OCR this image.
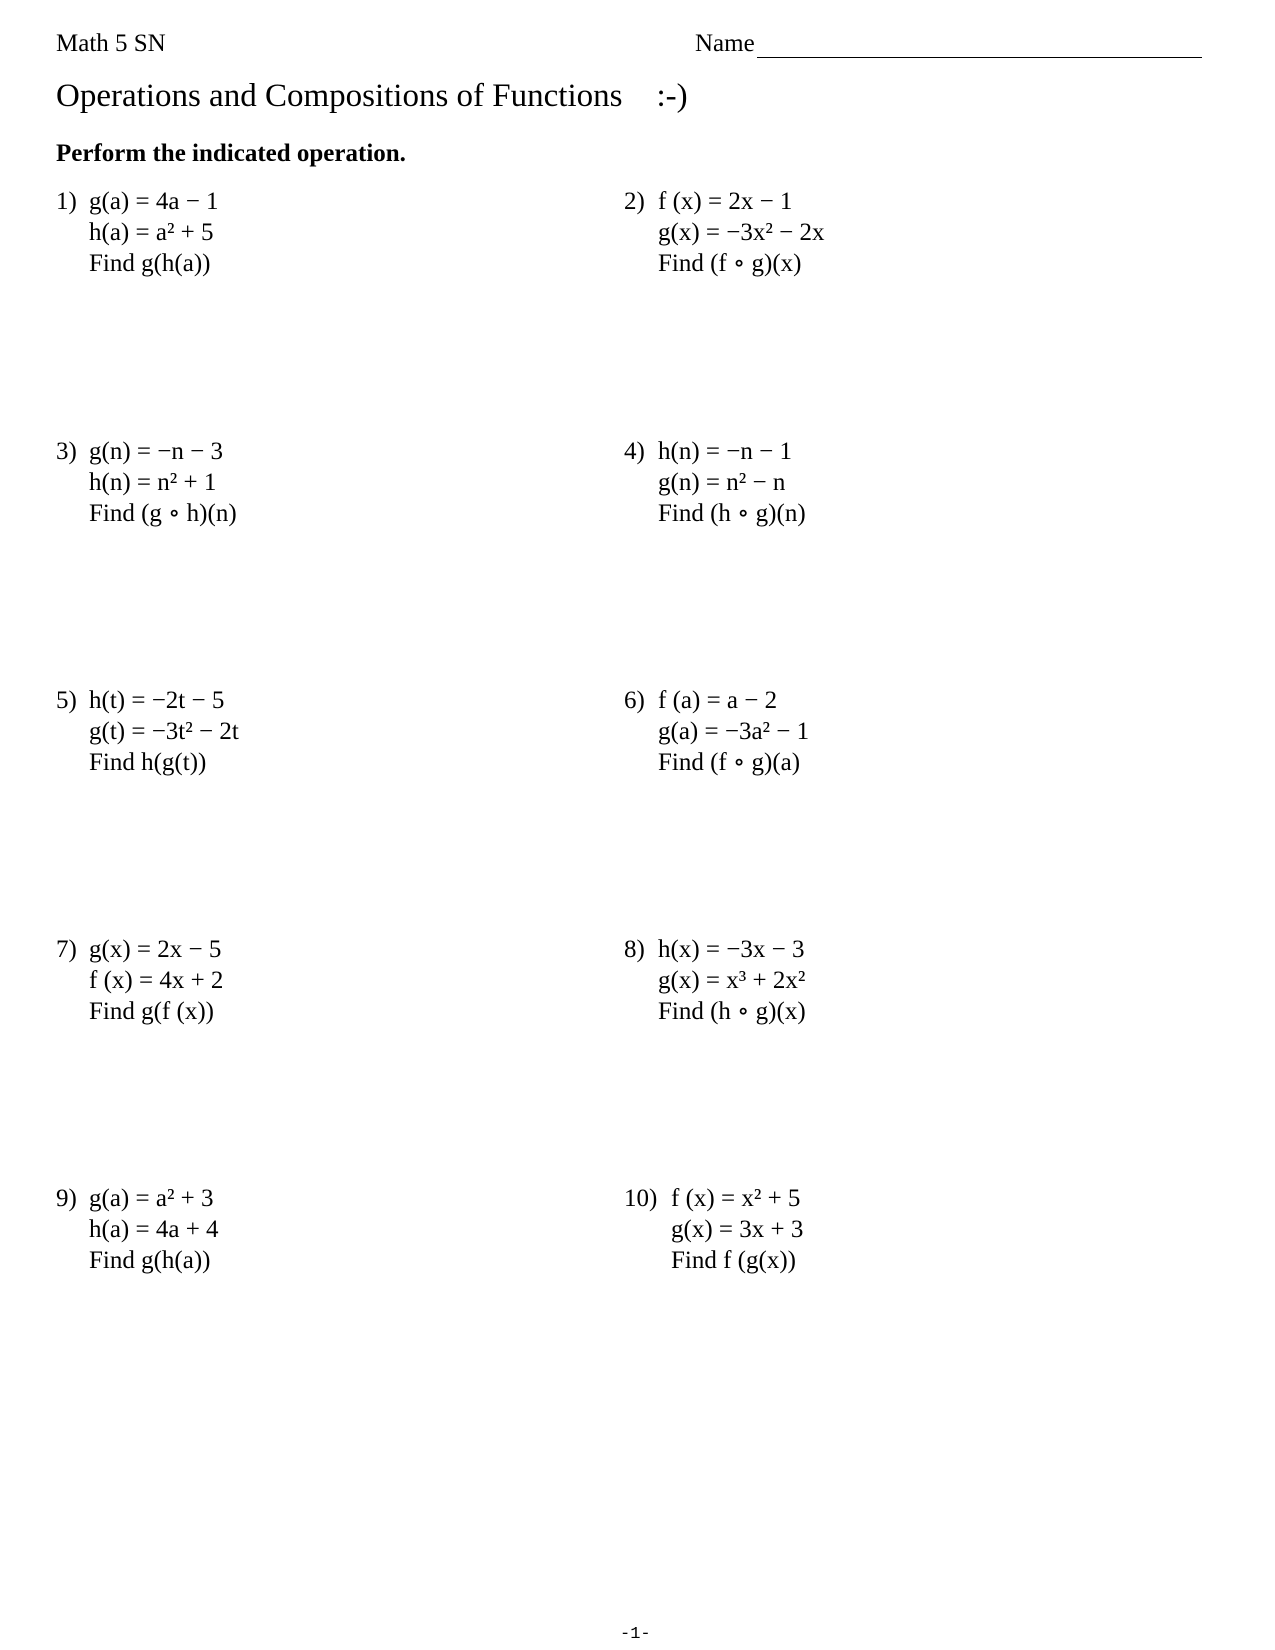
Math 5 SN	Name
Operations and Compositions of Functions :-)
Perform the indicated operation.
1) g(a) = 4a − 1
h(a) = a² + 5
Find g(h(a))
2) f (x) = 2x − 1
g(x) = −3x² − 2x
Find (f ∘ g)(x)
3) g(n) = −n − 3
h(n) = n² + 1
Find (g ∘ h)(n)
4) h(n) = −n − 1
g(n) = n² − n
Find (h ∘ g)(n)
5) h(t) = −2t − 5
g(t) = −3t² − 2t
Find h(g(t))
6) f (a) = a − 2
g(a) = −3a² − 1
Find (f ∘ g)(a)
7) g(x) = 2x − 5
f (x) = 4x + 2
Find g(f (x))
8) h(x) = −3x − 3
g(x) = x³ + 2x²
Find (h ∘ g)(x)
9) g(a) = a² + 3
h(a) = 4a + 4
Find g(h(a))
10) f (x) = x² + 5
g(x) = 3x + 3
Find f (g(x))
-1-
